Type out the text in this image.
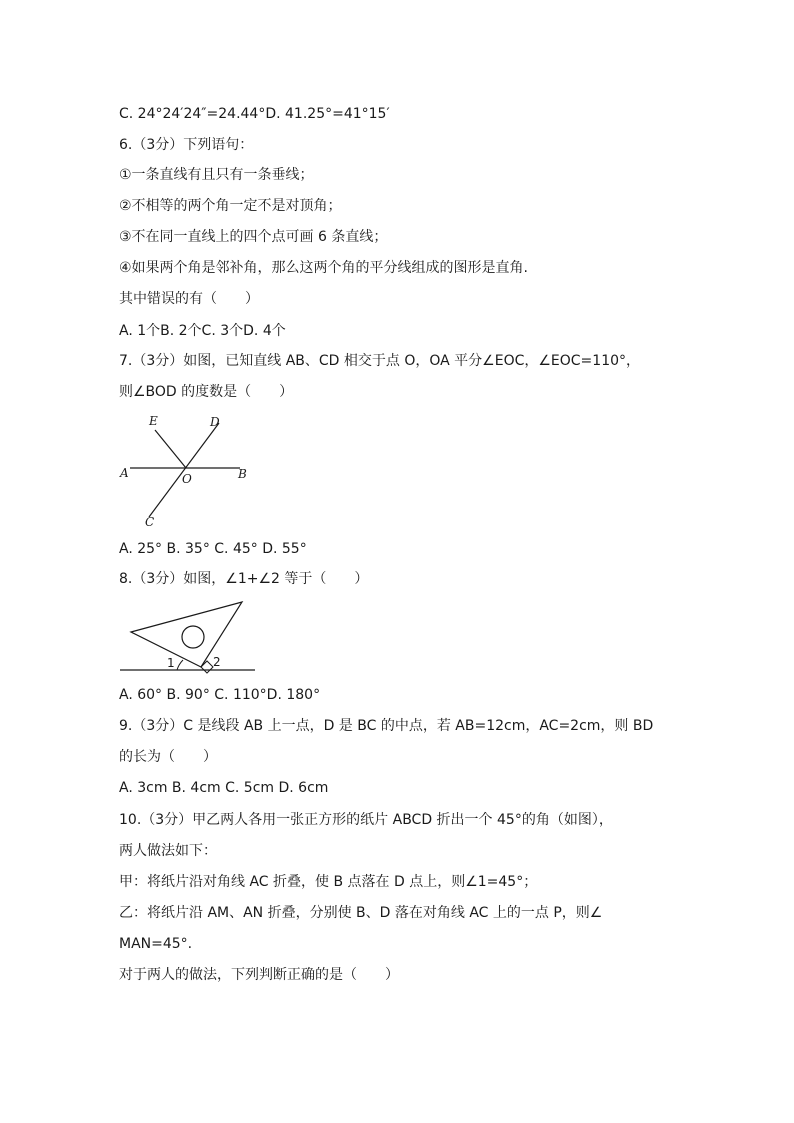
C. 24°24′24″=24.44°D. 41.25°=41°15′
6.（3分）下列语句：
①一条直线有且只有一条垂线；
②不相等的两个角一定不是对顶角；
③不在同一直线上的四个点可画 6 条直线；
④如果两个角是邻补角，那么这两个角的平分线组成的图形是直角.
其中错误的有（　　）
A. 1个B. 2个C. 3个D. 4个
7.（3分）如图，已知直线 AB、CD 相交于点 O，OA 平分∠EOC，∠EOC=110°，
则∠BOD 的度数是（　　）
E	D
A	O	B
C
A. 25° B. 35° C. 45° D. 55°
8.（3分）如图，∠1+∠2 等于（　　）
1	2
A. 60° B. 90° C. 110°D. 180°
9.（3分）C 是线段 AB 上一点，D 是 BC 的中点，若 AB=12cm，AC=2cm，则 BD
的长为（　　）
A. 3cm B. 4cm C. 5cm D. 6cm
10.（3分）甲乙两人各用一张正方形的纸片 ABCD 折出一个 45°的角（如图），
两人做法如下：
甲：将纸片沿对角线 AC 折叠，使 B 点落在 D 点上，则∠1=45°；
乙：将纸片沿 AM、AN 折叠，分别使 B、D 落在对角线 AC 上的一点 P，则∠
MAN=45°.
对于两人的做法，下列判断正确的是（　　）
